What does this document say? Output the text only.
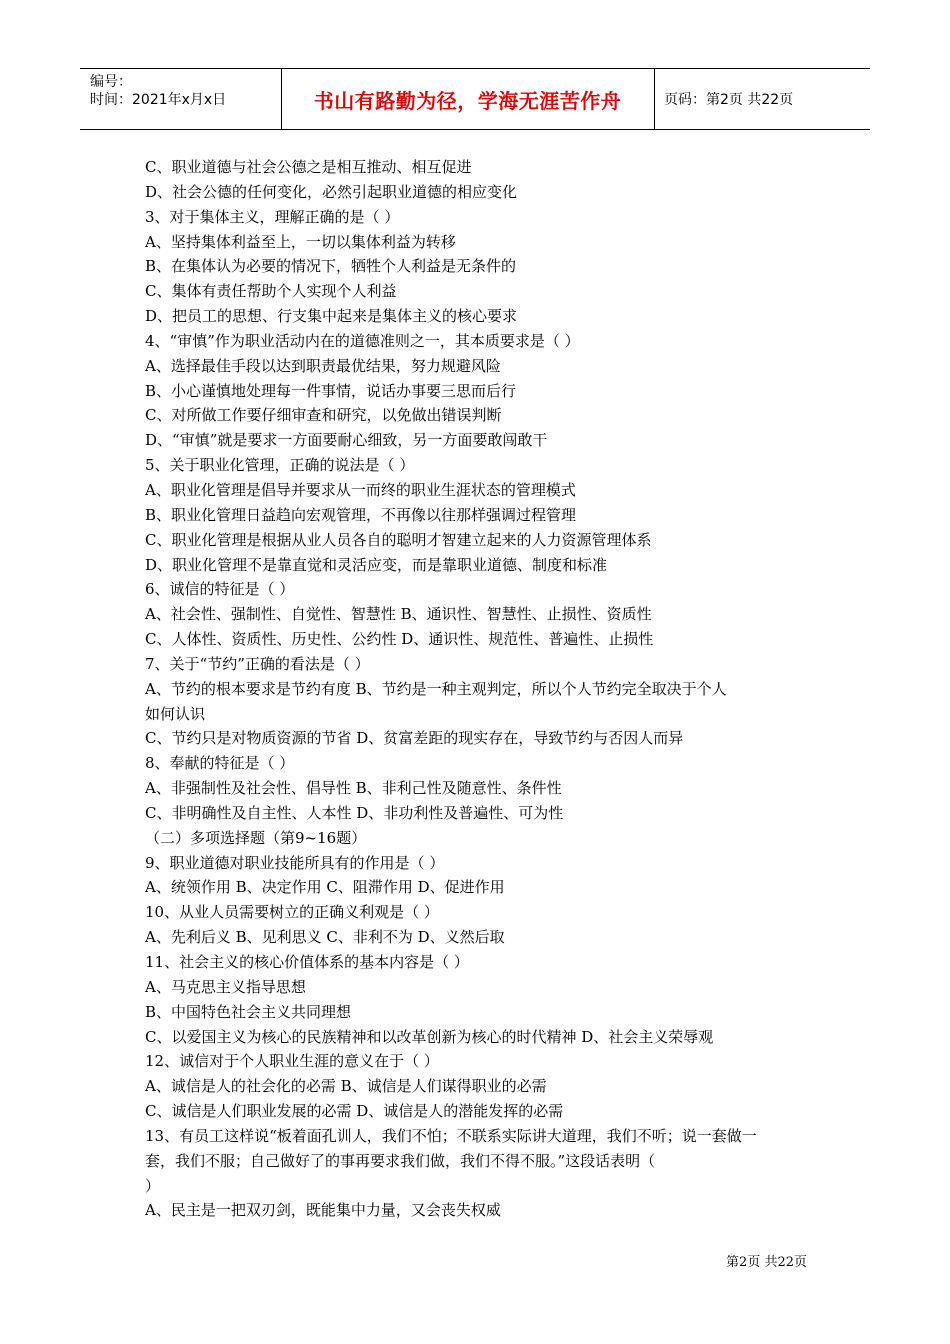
编号：
时间：2021年x月x日	书山有路勤为径，学海无涯苦作舟	页码：第2页 共22页
C、职业道德与社会公德之是相互推动、相互促进
D、社会公德的任何变化，必然引起职业道德的相应变化
3、对于集体主义，理解正确的是（ ）
A、坚持集体利益至上，一切以集体利益为转移
B、在集体认为必要的情况下，牺牲个人利益是无条件的
C、集体有责任帮助个人实现个人利益
D、把员工的思想、行支集中起来是集体主义的核心要求
4、“审慎”作为职业活动内在的道德准则之一，其本质要求是（ ）
A、选择最佳手段以达到职责最优结果，努力规避风险
B、小心谨慎地处理每一件事情，说话办事要三思而后行
C、对所做工作要仔细审查和研究，以免做出错误判断
D、“审慎”就是要求一方面要耐心细致，另一方面要敢闯敢干
5、关于职业化管理，正确的说法是（ ）
A、职业化管理是倡导并要求从一而终的职业生涯状态的管理模式
B、职业化管理日益趋向宏观管理，不再像以往那样强调过程管理
C、职业化管理是根据从业人员各自的聪明才智建立起来的人力资源管理体系
D、职业化管理不是靠直觉和灵活应变，而是靠职业道德、制度和标准
6、诚信的特征是（ ）
A、社会性、强制性、自觉性、智慧性 B、通识性、智慧性、止损性、资质性
C、人体性、资质性、历史性、公约性 D、通识性、规范性、普遍性、止损性
7、关于“节约”正确的看法是（ ）
A、节约的根本要求是节约有度 B、节约是一种主观判定，所以个人节约完全取决于个人
如何认识
C、节约只是对物质资源的节省 D、贫富差距的现实存在，导致节约与否因人而异
8、奉献的特征是（ ）
A、非强制性及社会性、倡导性 B、非利己性及随意性、条件性
C、非明确性及自主性、人本性 D、非功利性及普遍性、可为性
（二）多项选择题（第9~16题）
9、职业道德对职业技能所具有的作用是（ ）
A、统领作用 B、决定作用 C、阻滞作用 D、促进作用
10、从业人员需要树立的正确义利观是（ ）
A、先利后义 B、见利思义 C、非利不为 D、义然后取
11、社会主义的核心价值体系的基本内容是（ ）
A、马克思主义指导思想
B、中国特色社会主义共同理想
C、以爱国主义为核心的民族精神和以改革创新为核心的时代精神 D、社会主义荣辱观
12、诚信对于个人职业生涯的意义在于（ ）
A、诚信是人的社会化的必需 B、诚信是人们谋得职业的必需
C、诚信是人们职业发展的必需 D、诚信是人的潜能发挥的必需
13、有员工这样说“板着面孔训人，我们不怕；不联系实际讲大道理，我们不听；说一套做一
套，我们不服；自己做好了的事再要求我们做，我们不得不服。”这段话表明（
）
A、民主是一把双刃剑，既能集中力量，又会丧失权威
第2页 共22页
